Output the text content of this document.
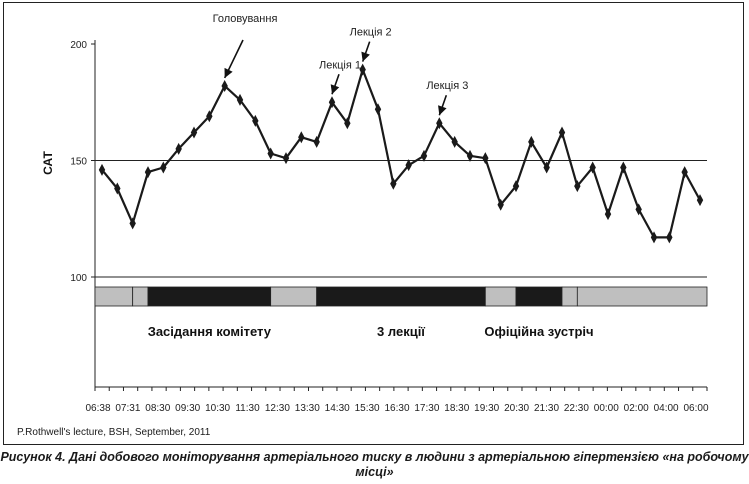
100
150
200
САТ
06:38 07:31 08:30 09:30 10:30 11:30 12:30 13:30 14:30 15:30 16:30 17:30 18:30 19:30 20:30 21:30 22:30 00:00 02:00 04:00 06:00
Засідання комітету	3 лекції	Офіційна зустріч
Головування
Лекція 1
Лекція 2
Лекція 3
P.Rothwell's lecture, BSH, September, 2011
Рисунок 4. Дані добового моніторування артеріального тиску в людини з артеріальною гіпертензією «на робочому місці»
